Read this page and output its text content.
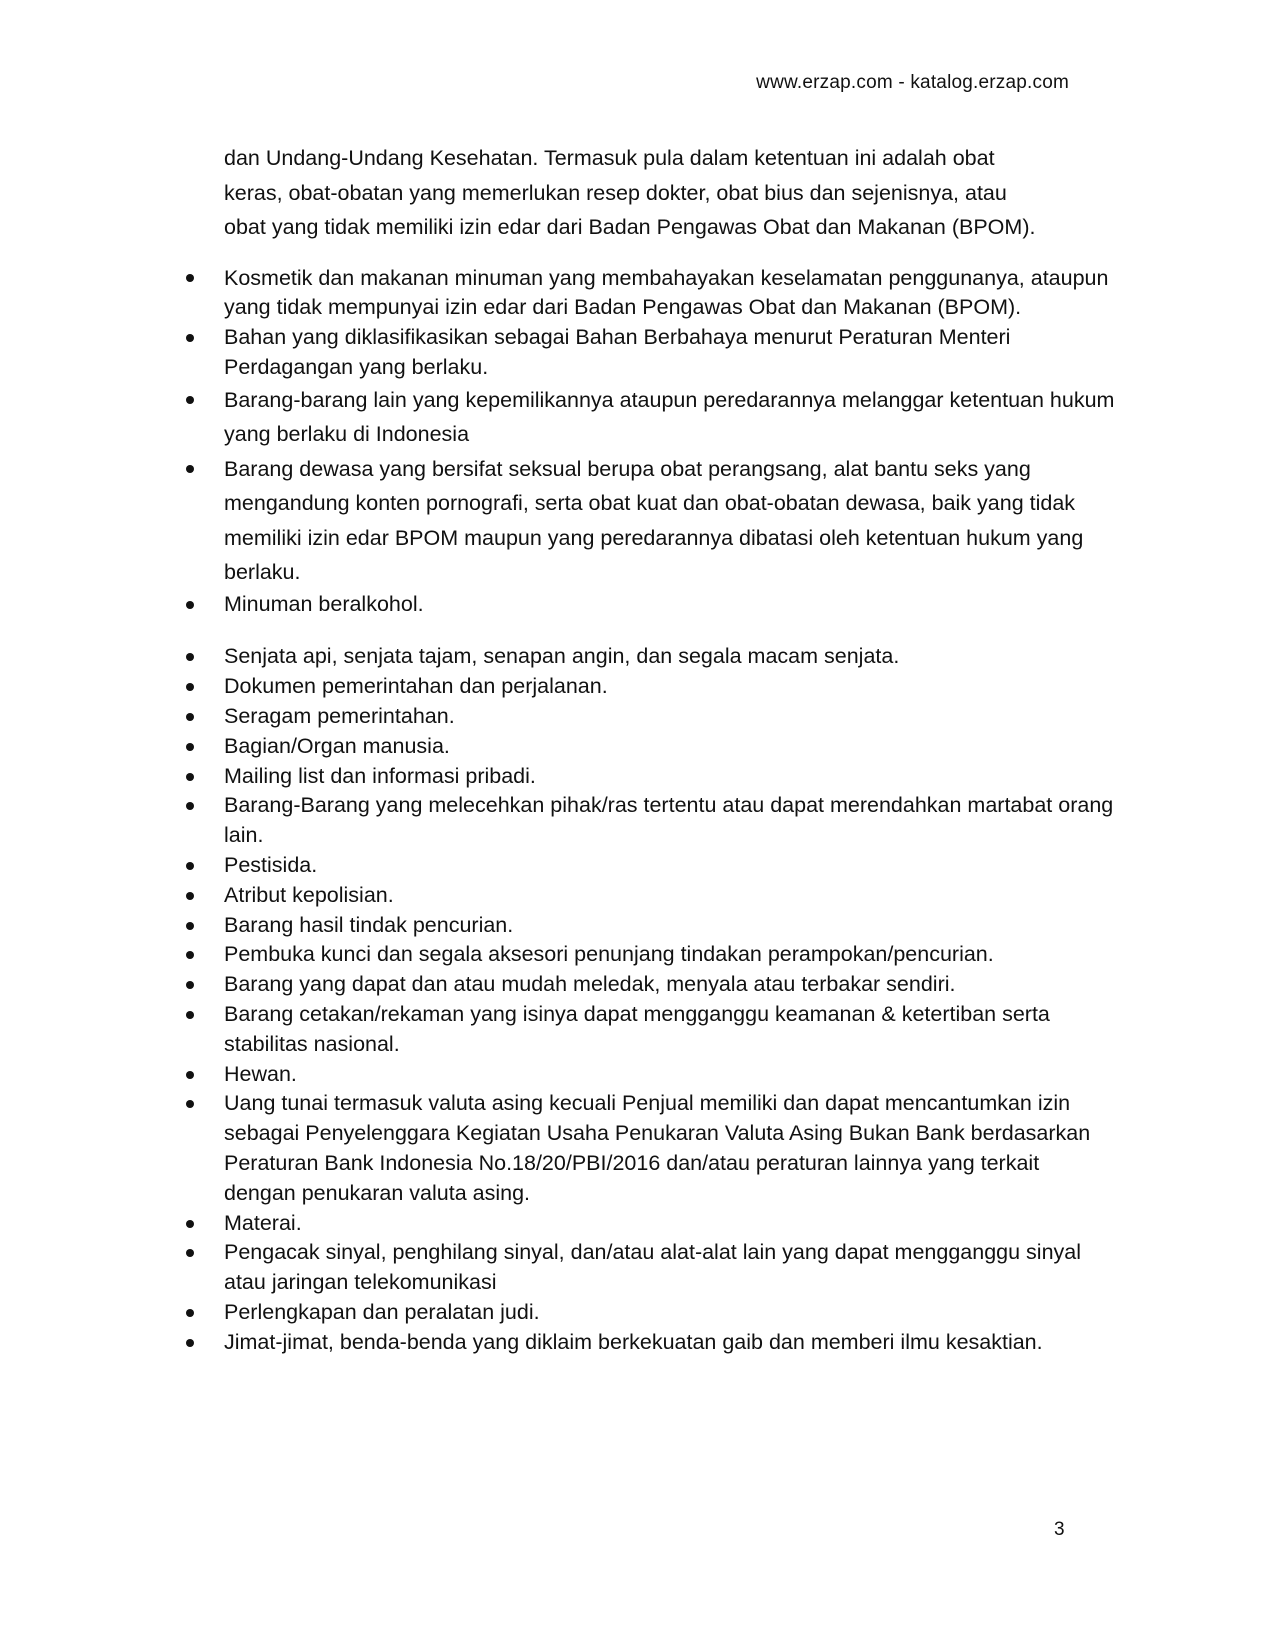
www.erzap.com - katalog.erzap.com

dan Undang-Undang Kesehatan. Termasuk pula dalam ketentuan ini adalah obat
keras, obat-obatan yang memerlukan resep dokter, obat bius dan sejenisnya, atau
obat yang tidak memiliki izin edar dari Badan Pengawas Obat dan Makanan (BPOM).

Kosmetik dan makanan minuman yang membahayakan keselamatan penggunanya, ataupun yang tidak mempunyai izin edar dari Badan Pengawas Obat dan Makanan (BPOM).
Bahan yang diklasifikasikan sebagai Bahan Berbahaya menurut Peraturan Menteri Perdagangan yang berlaku.
Barang-barang lain yang kepemilikannya ataupun peredarannya melanggar ketentuan hukum yang berlaku di Indonesia
Barang dewasa yang bersifat seksual berupa obat perangsang, alat bantu seks yang mengandung konten pornografi, serta obat kuat dan obat-obatan dewasa, baik yang tidak memiliki izin edar BPOM maupun yang peredarannya dibatasi oleh ketentuan hukum yang berlaku.
Minuman beralkohol.
Senjata api, senjata tajam, senapan angin, dan segala macam senjata.
Dokumen pemerintahan dan perjalanan.
Seragam pemerintahan.
Bagian/Organ manusia.
Mailing list dan informasi pribadi.
Barang-Barang yang melecehkan pihak/ras tertentu atau dapat merendahkan martabat orang lain.
Pestisida.
Atribut kepolisian.
Barang hasil tindak pencurian.
Pembuka kunci dan segala aksesori penunjang tindakan perampokan/pencurian.
Barang yang dapat dan atau mudah meledak, menyala atau terbakar sendiri.
Barang cetakan/rekaman yang isinya dapat mengganggu keamanan & ketertiban serta stabilitas nasional.
Hewan.
Uang tunai termasuk valuta asing kecuali Penjual memiliki dan dapat mencantumkan izin sebagai Penyelenggara Kegiatan Usaha Penukaran Valuta Asing Bukan Bank berdasarkan Peraturan Bank Indonesia No.18/20/PBI/2016 dan/atau peraturan lainnya yang terkait dengan penukaran valuta asing.
Materai.
Pengacak sinyal, penghilang sinyal, dan/atau alat-alat lain yang dapat mengganggu sinyal atau jaringan telekomunikasi
Perlengkapan dan peralatan judi.
Jimat-jimat, benda-benda yang diklaim berkekuatan gaib dan memberi ilmu kesaktian.
3
